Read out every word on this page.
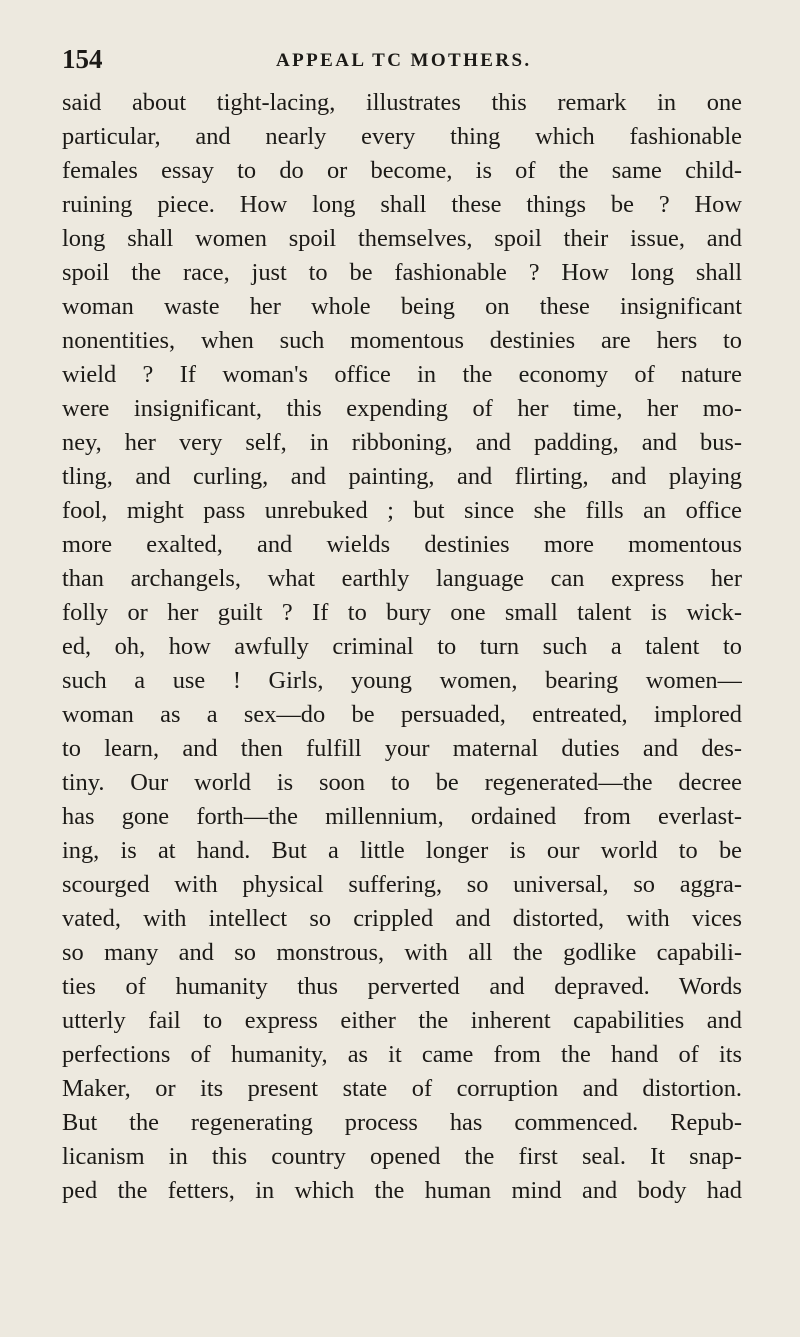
154	APPEAL TC MOTHERS.
said about tight-lacing, illustrates this remark in one
particular, and nearly every thing which fashionable
females essay to do or become, is of the same child-
ruining piece. How long shall these things be ? How
long shall women spoil themselves, spoil their issue, and
spoil the race, just to be fashionable ? How long shall
woman waste her whole being on these insignificant
nonentities, when such momentous destinies are hers to
wield ? If woman's office in the economy of nature
were insignificant, this expending of her time, her mo-
ney, her very self, in ribboning, and padding, and bus-
tling, and curling, and painting, and flirting, and playing
fool, might pass unrebuked ; but since she fills an office
more exalted, and wields destinies more momentous
than archangels, what earthly language can express her
folly or her guilt ? If to bury one small talent is wick-
ed, oh, how awfully criminal to turn such a talent to
such a use ! Girls, young women, bearing women—
woman as a sex—do be persuaded, entreated, implored
to learn, and then fulfill your maternal duties and des-
tiny. Our world is soon to be regenerated—the decree
has gone forth—the millennium, ordained from everlast-
ing, is at hand. But a little longer is our world to be
scourged with physical suffering, so universal, so aggra-
vated, with intellect so crippled and distorted, with vices
so many and so monstrous, with all the godlike capabili-
ties of humanity thus perverted and depraved. Words
utterly fail to express either the inherent capabilities and
perfections of humanity, as it came from the hand of its
Maker, or its present state of corruption and distortion.
But the regenerating process has commenced. Repub-
licanism in this country opened the first seal. It snap-
ped the fetters, in which the human mind and body had
